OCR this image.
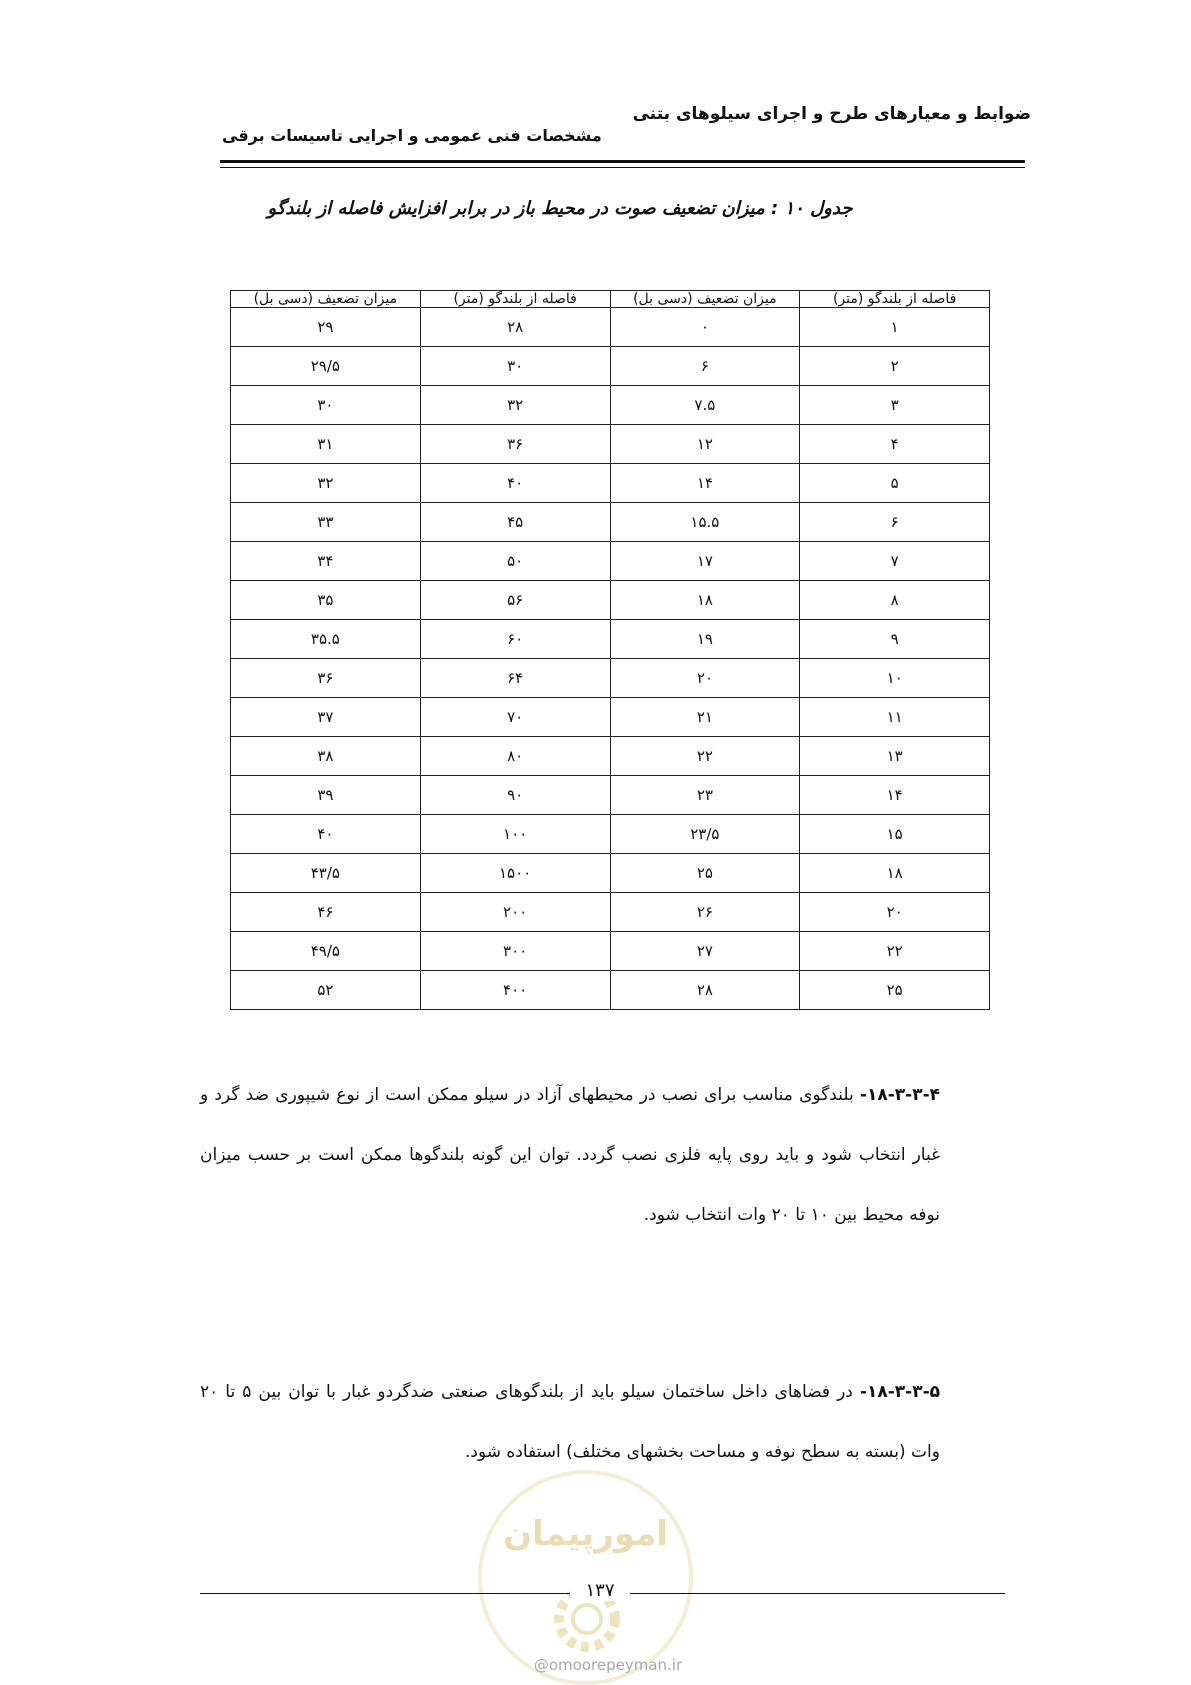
ضوابط و معیارهای طرح و اجرای سیلوهای بتنی
مشخصات فنی عمومی و اجرایی تاسیسات برقی
جدول ۱۰ : میزان تضعیف صوت در محیط باز در برابر افزایش فاصله از بلندگو
فاصله از بلندگو (متر)	میزان تضعیف (دسی بل)	فاصله از بلندگو (متر)	میزان تضعیف (دسی بل)
۱	۰	۲۸	۲۹
۲	۶	۳۰	۲۹/۵
۳	۷.۵	۳۲	۳۰
۴	۱۲	۳۶	۳۱
۵	۱۴	۴۰	۳۲
۶	۱۵.۵	۴۵	۳۳
۷	۱۷	۵۰	۳۴
۸	۱۸	۵۶	۳۵
۹	۱۹	۶۰	۳۵.۵
۱۰	۲۰	۶۴	۳۶
۱۱	۲۱	۷۰	۳۷
۱۳	۲۲	۸۰	۳۸
۱۴	۲۳	۹۰	۳۹
۱۵	۲۳/۵	۱۰۰	۴۰
۱۸	۲۵	۱۵۰۰	۴۳/۵
۲۰	۲۶	۲۰۰	۴۶
۲۲	۲۷	۳۰۰	۴۹/۵
۲۵	۲۸	۴۰۰	۵۲
۱۸-۳-۳-۴- بلندگوی مناسب برای نصب در محیطهای آزاد در سیلو ممکن است از نوع شیپوری ضد گرد و غبار انتخاب شود و باید روی پایه فلزی نصب گردد. توان این گونه بلندگوها ممکن است بر حسب میزان نوفه محیط بین ۱۰ تا ۲۰ وات انتخاب شود.
۱۸-۳-۳-۵- در فضاهای داخل ساختمان سیلو باید از بلندگوهای صنعتی ضدگردو غبار با توان بین ۵ تا ۲۰ وات (بسته به سطح نوفه و مساحت بخشهای مختلف) استفاده شود.
امورپیمان
۱۳۷
@omoorepeyman.ir
